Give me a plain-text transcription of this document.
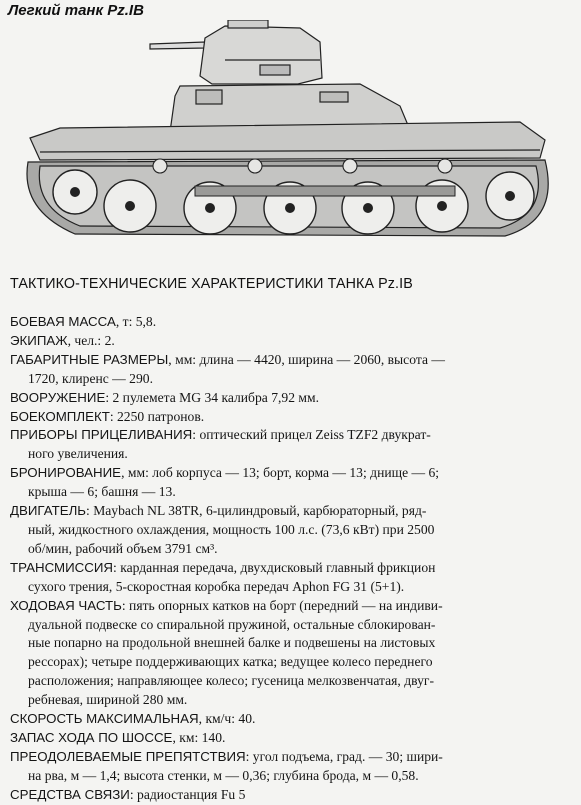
Легкий танк Pz.IB
ТАКТИКО-ТЕХНИЧЕСКИЕ ХАРАКТЕРИСТИКИ ТАНКА Pz.IB

БОЕВАЯ МАССА, т: 5,8.

ЭКИПАЖ, чел.: 2.

ГАБАРИТНЫЕ РАЗМЕРЫ, мм: длина — 4420, ширина — 2060, высота —
1720, клиренс — 290.

ВООРУЖЕНИЕ: 2 пулемета MG 34 калибра 7,92 мм.

БОЕКОМПЛЕКТ: 2250 патронов.

ПРИБОРЫ ПРИЦЕЛИВАНИЯ: оптический прицел Zeiss TZF2 двукрат-
ного увеличения.

БРОНИРОВАНИЕ, мм: лоб корпуса — 13; борт, корма — 13; днище — 6;
крыша — 6; башня — 13.

ДВИГАТЕЛЬ: Maybach NL 38TR, 6-цилиндровый, карбюраторный, ряд-
ный, жидкостного охлаждения, мощность 100 л.с. (73,6 кВт) при 2500
об/мин, рабочий объем 3791 см³.

ТРАНСМИССИЯ: карданная передача, двухдисковый главный фрикцион
сухого трения, 5-скоростная коробка передач Aphon FG 31 (5+1).

ХОДОВАЯ ЧАСТЬ: пять опорных катков на борт (передний — на индиви-
дуальной подвеске со спиральной пружиной, остальные сблокирован-
ные попарно на продольной внешней балке и подвешены на листовых
рессорах); четыре поддерживающих катка; ведущее колесо переднего
расположения; направляющее колесо; гусеница мелкозвенчатая, двуг-
ребневая, шириной 280 мм.

СКОРОСТЬ МАКСИМАЛЬНАЯ, км/ч: 40.

ЗАПАС ХОДА ПО ШОССЕ, км: 140.

ПРЕОДОЛЕВАЕМЫЕ ПРЕПЯТСТВИЯ: угол подъема, град. — 30; шири-
на рва, м — 1,4; высота стенки, м — 0,36; глубина брода, м — 0,58.

СРЕДСТВА СВЯЗИ: радиостанция Fu 5
